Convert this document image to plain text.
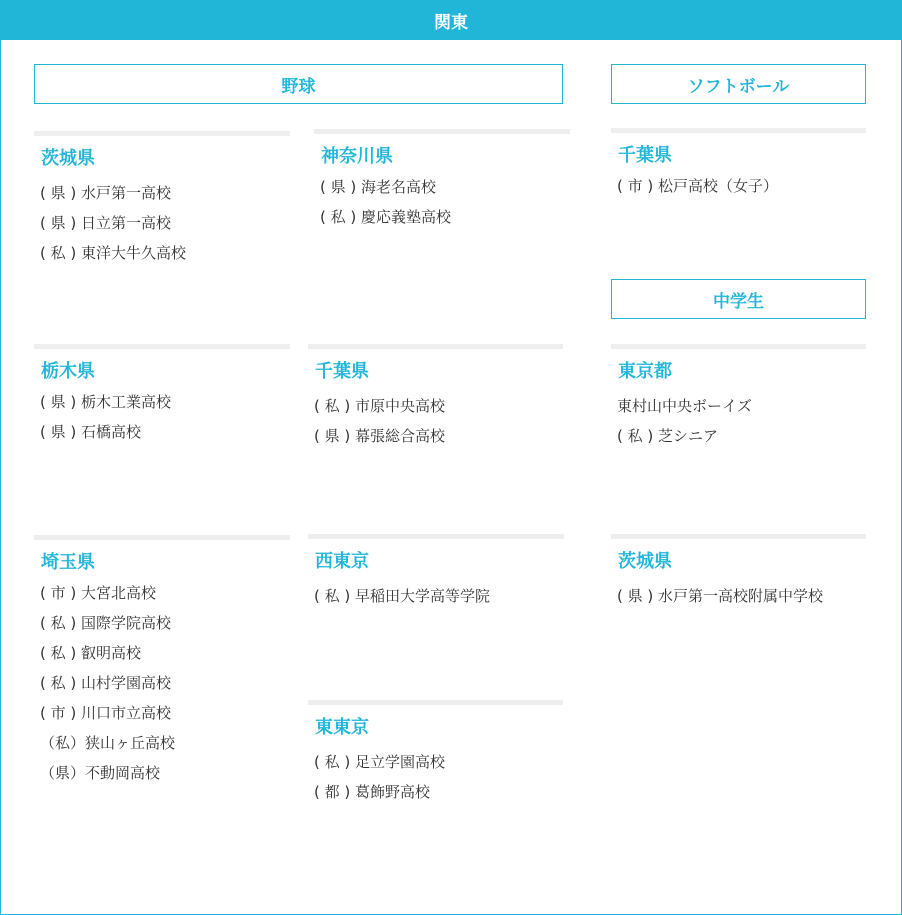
関東
野球	ソフトボール
中学生
茨城県
( 県 ) 水戸第一高校
( 県 ) 日立第一高校
( 私 ) 東洋大牛久高校
神奈川県
( 県 ) 海老名高校
( 私 ) 慶応義塾高校
千葉県
( 市 ) 松戸高校（女子）
栃木県
( 県 ) 栃木工業高校
( 県 ) 石橋高校
千葉県
( 私 ) 市原中央高校
( 県 ) 幕張総合高校
東京都
東村山中央ボーイズ
( 私 ) 芝シニア
埼玉県
( 市 ) 大宮北高校
( 私 ) 国際学院高校
( 私 ) 叡明高校
( 私 ) 山村学園高校
( 市 ) 川口市立高校
（私）狭山ヶ丘高校
（県）不動岡高校
西東京
( 私 ) 早稲田大学高等学院
茨城県
( 県 ) 水戸第一高校附属中学校
東東京
( 私 ) 足立学園高校
( 都 ) 葛飾野高校
